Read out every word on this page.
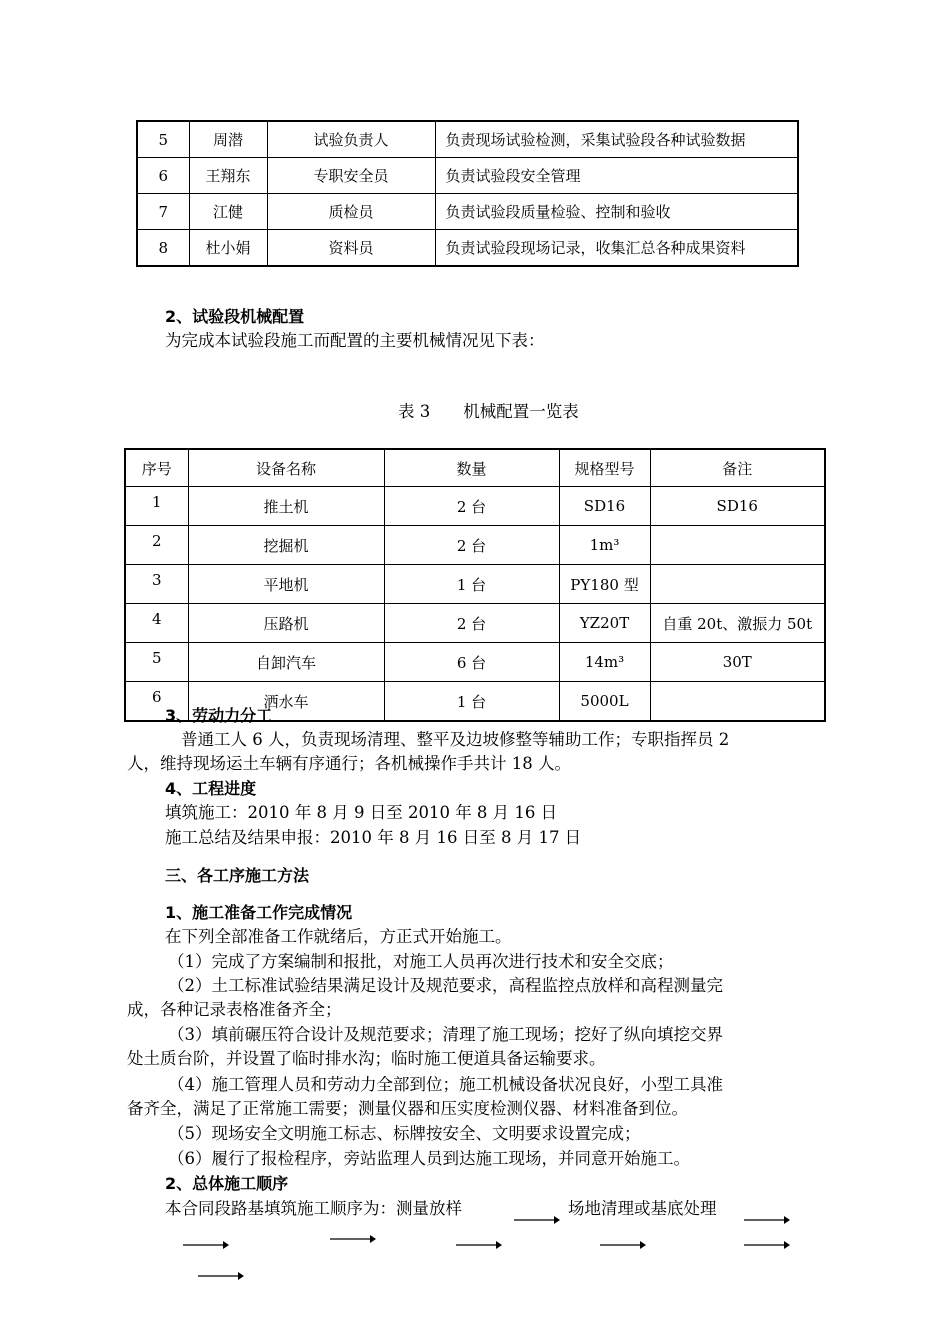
5	周潜	试验负责人	负责现场试验检测，采集试验段各种试验数据
6	王翔东	专职安全员	负责试验段安全管理
7	江健	质检员	负责试验段质量检验、控制和验收
8	杜小娟	资料员	负责试验段现场记录，收集汇总各种成果资料
2、试验段机械配置
为完成本试验段施工而配置的主要机械情况见下表：
表 3　　机械配置一览表
序号	设备名称	数量	规格型号	备注
1	推土机	2 台	SD16	SD16
2	挖掘机	2 台	1m³	
3	平地机	1 台	PY180 型	
4	压路机	2 台	YZ20T	自重 20t、激振力 50t
5	自卸汽车	6 台	14m³	30T
6	洒水车	1 台	5000L	
3、劳动力分工
普通工人 6 人，负责现场清理、整平及边坡修整等辅助工作；专职指挥员 2
人，维持现场运土车辆有序通行；各机械操作手共计 18 人。
4、工程进度
填筑施工：2010 年 8 月 9 日至 2010 年 8 月 16 日
施工总结及结果申报：2010 年 8 月 16 日至 8 月 17 日
三、各工序施工方法
1、施工准备工作完成情况
在下列全部准备工作就绪后，方正式开始施工。
（1）完成了方案编制和报批，对施工人员再次进行技术和安全交底；
（2）土工标准试验结果满足设计及规范要求，高程监控点放样和高程测量完
成，各种记录表格准备齐全；
（3）填前碾压符合设计及规范要求；清理了施工现场；挖好了纵向填挖交界
处土质台阶，并设置了临时排水沟；临时施工便道具备运输要求。
（4）施工管理人员和劳动力全部到位；施工机械设备状况良好，小型工具准
备齐全，满足了正常施工需要；测量仪器和压实度检测仪器、材料准备到位。
（5）现场安全文明施工标志、标牌按安全、文明要求设置完成；
（6）履行了报检程序，旁站监理人员到达施工现场，并同意开始施工。
2、总体施工顺序
本合同段路基填筑施工顺序为：测量放样	场地清理或基底处理
